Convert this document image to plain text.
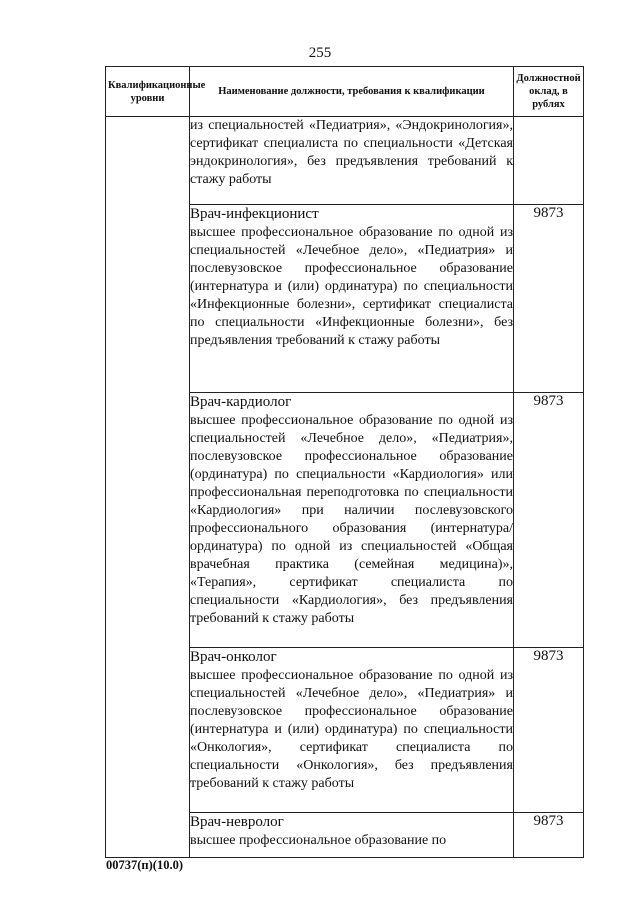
255
Квалификационные уровни	Наименование должности, требования к квалификации	Должностной оклад, в рублях
	из специальностей «Педиатрия», «Эндокринология», сертификат специалиста по специальности «Детская эндокринология», без предъявления требований к стажу работы	

	Врач-инфекционист
высшее профессиональное образование по одной из специальностей «Лечебное дело», «Педиатрия» и послевузовское профессиональное образование (интернатура и (или) ординатура) по специальности «Инфекционные болезни», сертификат специалиста по специальности «Инфекционные болезни», без предъявления требований к стажу работы	9873

	Врач-кардиолог
высшее профессиональное образование по одной из специальностей «Лечебное дело», «Педиатрия», послевузовское профессиональное образование (ординатура) по специальности «Кардиология» или профессиональная переподготовка по специальности «Кардиология» при наличии послевузовского профессионального образования (интернатура/ординатура) по одной из специальностей «Общая врачебная практика (семейная медицина)», «Терапия», сертификат специалиста по специальности «Кардиология», без предъявления требований к стажу работы	9873

	Врач-онколог
высшее профессиональное образование по одной из специальностей «Лечебное дело», «Педиатрия» и послевузовское профессиональное образование (интернатура и (или) ординатура) по специальности «Онкология», сертификат специалиста по специальности «Онкология», без предъявления требований к стажу работы	9873

	Врач-невролог
высшее профессиональное образование по	9873
00737(п)(10.0)
